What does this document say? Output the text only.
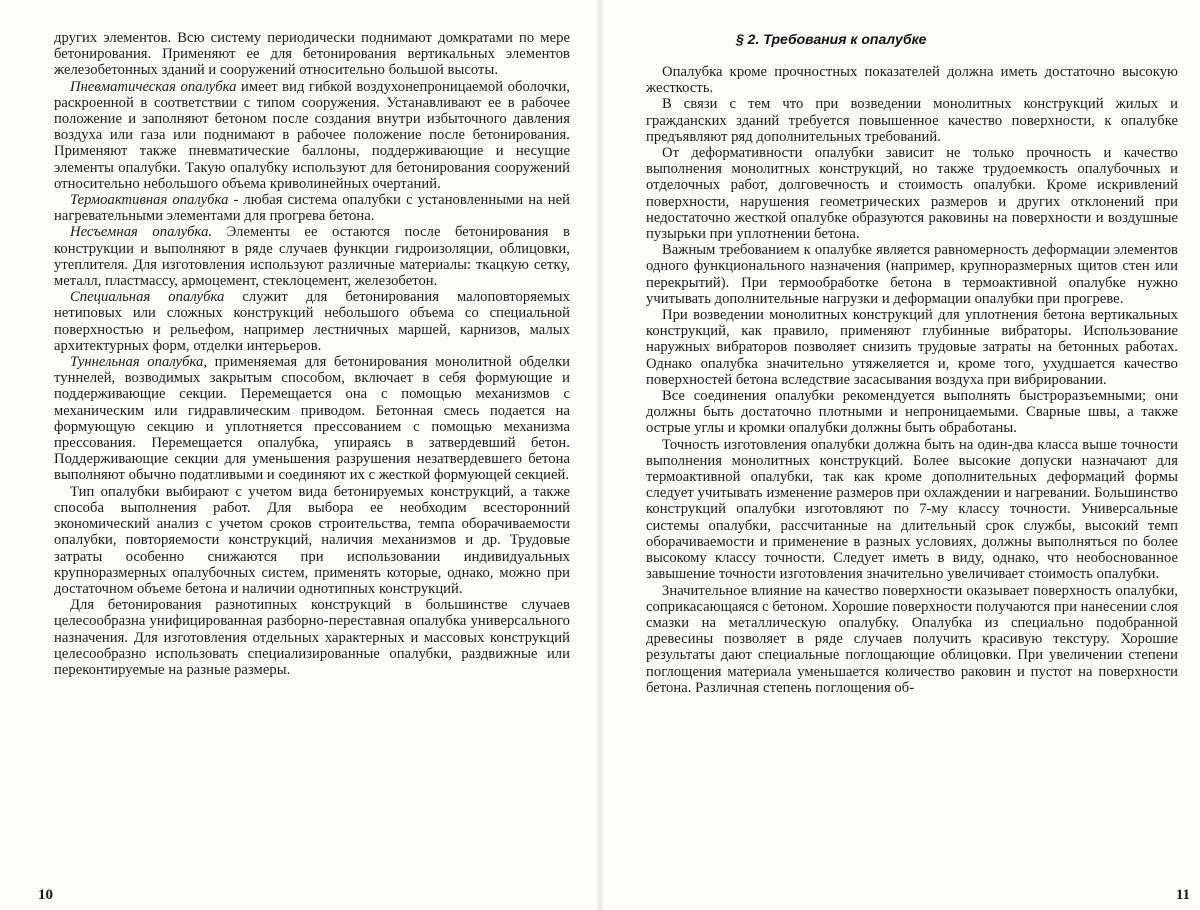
других элементов. Всю систему периодически поднимают домкратами по мере бетонирования. Применяют ее для бетонирования вертикальных элементов железобетонных зданий и сооружений относительно большой высоты.

Пневматическая опалубка имеет вид гибкой воздухонепроницаемой оболочки, раскроенной в соответствии с типом сооружения. Устанавливают ее в рабочее положение и заполняют бетоном после создания внутри избыточного давления воздуха или газа или поднимают в рабочее положение после бетонирования. Применяют также пневматические баллоны, поддерживающие и несущие элементы опалубки. Такую опалубку используют для бетонирования сооружений относительно небольшого объема криволинейных очертаний.

Термоактивная опалубка - любая система опалубки с установленными на ней нагревательными элементами для прогрева бетона.

Несъемная опалубка. Элементы ее остаются после бетонирования в конструкции и выполняют в ряде случаев функции гидроизоляции, облицовки, утеплителя. Для изготовления используют различные материалы: ткацкую сетку, металл, пластмассу, армоцемент, стеклоцемент, железобетон.

Специальная опалубка служит для бетонирования малоповторяемых нетиповых или сложных конструкций небольшого объема со специальной поверхностью и рельефом, например лестничных маршей, карнизов, малых архитектурных форм, отделки интерьеров.

Туннельная опалубка, применяемая для бетонирования монолитной обделки туннелей, возводимых закрытым способом, включает в себя формующие и поддерживающие секции. Перемещается она с помощью механизмов с механическим или гидравлическим приводом. Бетонная смесь подается на формующую секцию и уплотняется прессованием с помощью механизма прессования. Перемещается опалубка, упираясь в затвердевший бетон. Поддерживающие секции для уменьшения разрушения незатвердевшего бетона выполняют обычно податливыми и соединяют их с жесткой формующей секцией.

Тип опалубки выбирают с учетом вида бетонируемых конструкций, а также способа выполнения работ. Для выбора ее необходим всесторонний экономический анализ с учетом сроков строительства, темпа оборачиваемости опалубки, повторяемости конструкций, наличия механизмов и др. Трудовые затраты особенно снижаются при использовании индивидуальных крупноразмерных опалубочных систем, применять которые, однако, можно при достаточном объеме бетона и наличии однотипных конструкций.

Для бетонирования разнотипных конструкций в большинстве случаев целесообразна унифицированная разборно-переставная опалубка универсального назначения. Для изготовления отдельных характерных и массовых конструкций целесообразно использовать специализированные опалубки, раздвижные или переконтируемые на разные размеры.

10
§ 2. Требования к опалубке

Опалубка кроме прочностных показателей должна иметь достаточно высокую жесткость.

В связи с тем что при возведении монолитных конструкций жилых и гражданских зданий требуется повышенное качество поверхности, к опалубке предъявляют ряд дополнительных требований.

От деформативности опалубки зависит не только прочность и качество выполнения монолитных конструкций, но также трудоемкость опалубочных и отделочных работ, долговечность и стоимость опалубки. Кроме искривлений поверхности, нарушения геометрических размеров и других отклонений при недостаточно жесткой опалубке образуются раковины на поверхности и воздушные пузырьки при уплотнении бетона.

Важным требованием к опалубке является равномерность деформации элементов одного функционального назначения (например, крупноразмерных щитов стен или перекрытий). При термообработке бетона в термоактивной опалубке нужно учитывать дополнительные нагрузки и деформации опалубки при прогреве.

При возведении монолитных конструкций для уплотнения бетона вертикальных конструкций, как правило, применяют глубинные вибраторы. Использование наружных вибраторов позволяет снизить трудовые затраты на бетонных работах. Однако опалубка значительно утяжеляется и, кроме того, ухудшается качество поверхностей бетона вследствие засасывания воздуха при вибрировании.

Все соединения опалубки рекомендуется выполнять быстроразъемными; они должны быть достаточно плотными и непроницаемыми. Сварные швы, а также острые углы и кромки опалубки должны быть обработаны.

Точность изготовления опалубки должна быть на один-два класса выше точности выполнения монолитных конструкций. Более высокие допуски назначают для термоактивной опалубки, так как кроме дополнительных деформаций формы следует учитывать изменение размеров при охлаждении и нагревании. Большинство конструкций опалубки изготовляют по 7-му классу точности. Универсальные системы опалубки, рассчитанные на длительный срок службы, высокий темп оборачиваемости и применение в разных условиях, должны выполняться по более высокому классу точности. Следует иметь в виду, однако, что необоснованное завышение точности изготовления значительно увеличивает стоимость опалубки.

Значительное влияние на качество поверхности оказывает поверхность опалубки, соприкасающаяся с бетоном. Хорошие поверхности получаются при нанесении слоя смазки на металлическую опалубку. Опалубка из специально подобранной древесины позволяет в ряде случаев получить красивую текстуру. Хорошие результаты дают специальные поглощающие облицовки. При увеличении степени поглощения материала уменьшается количество раковин и пустот на поверхности бетона. Различная степень поглощения об-

11
